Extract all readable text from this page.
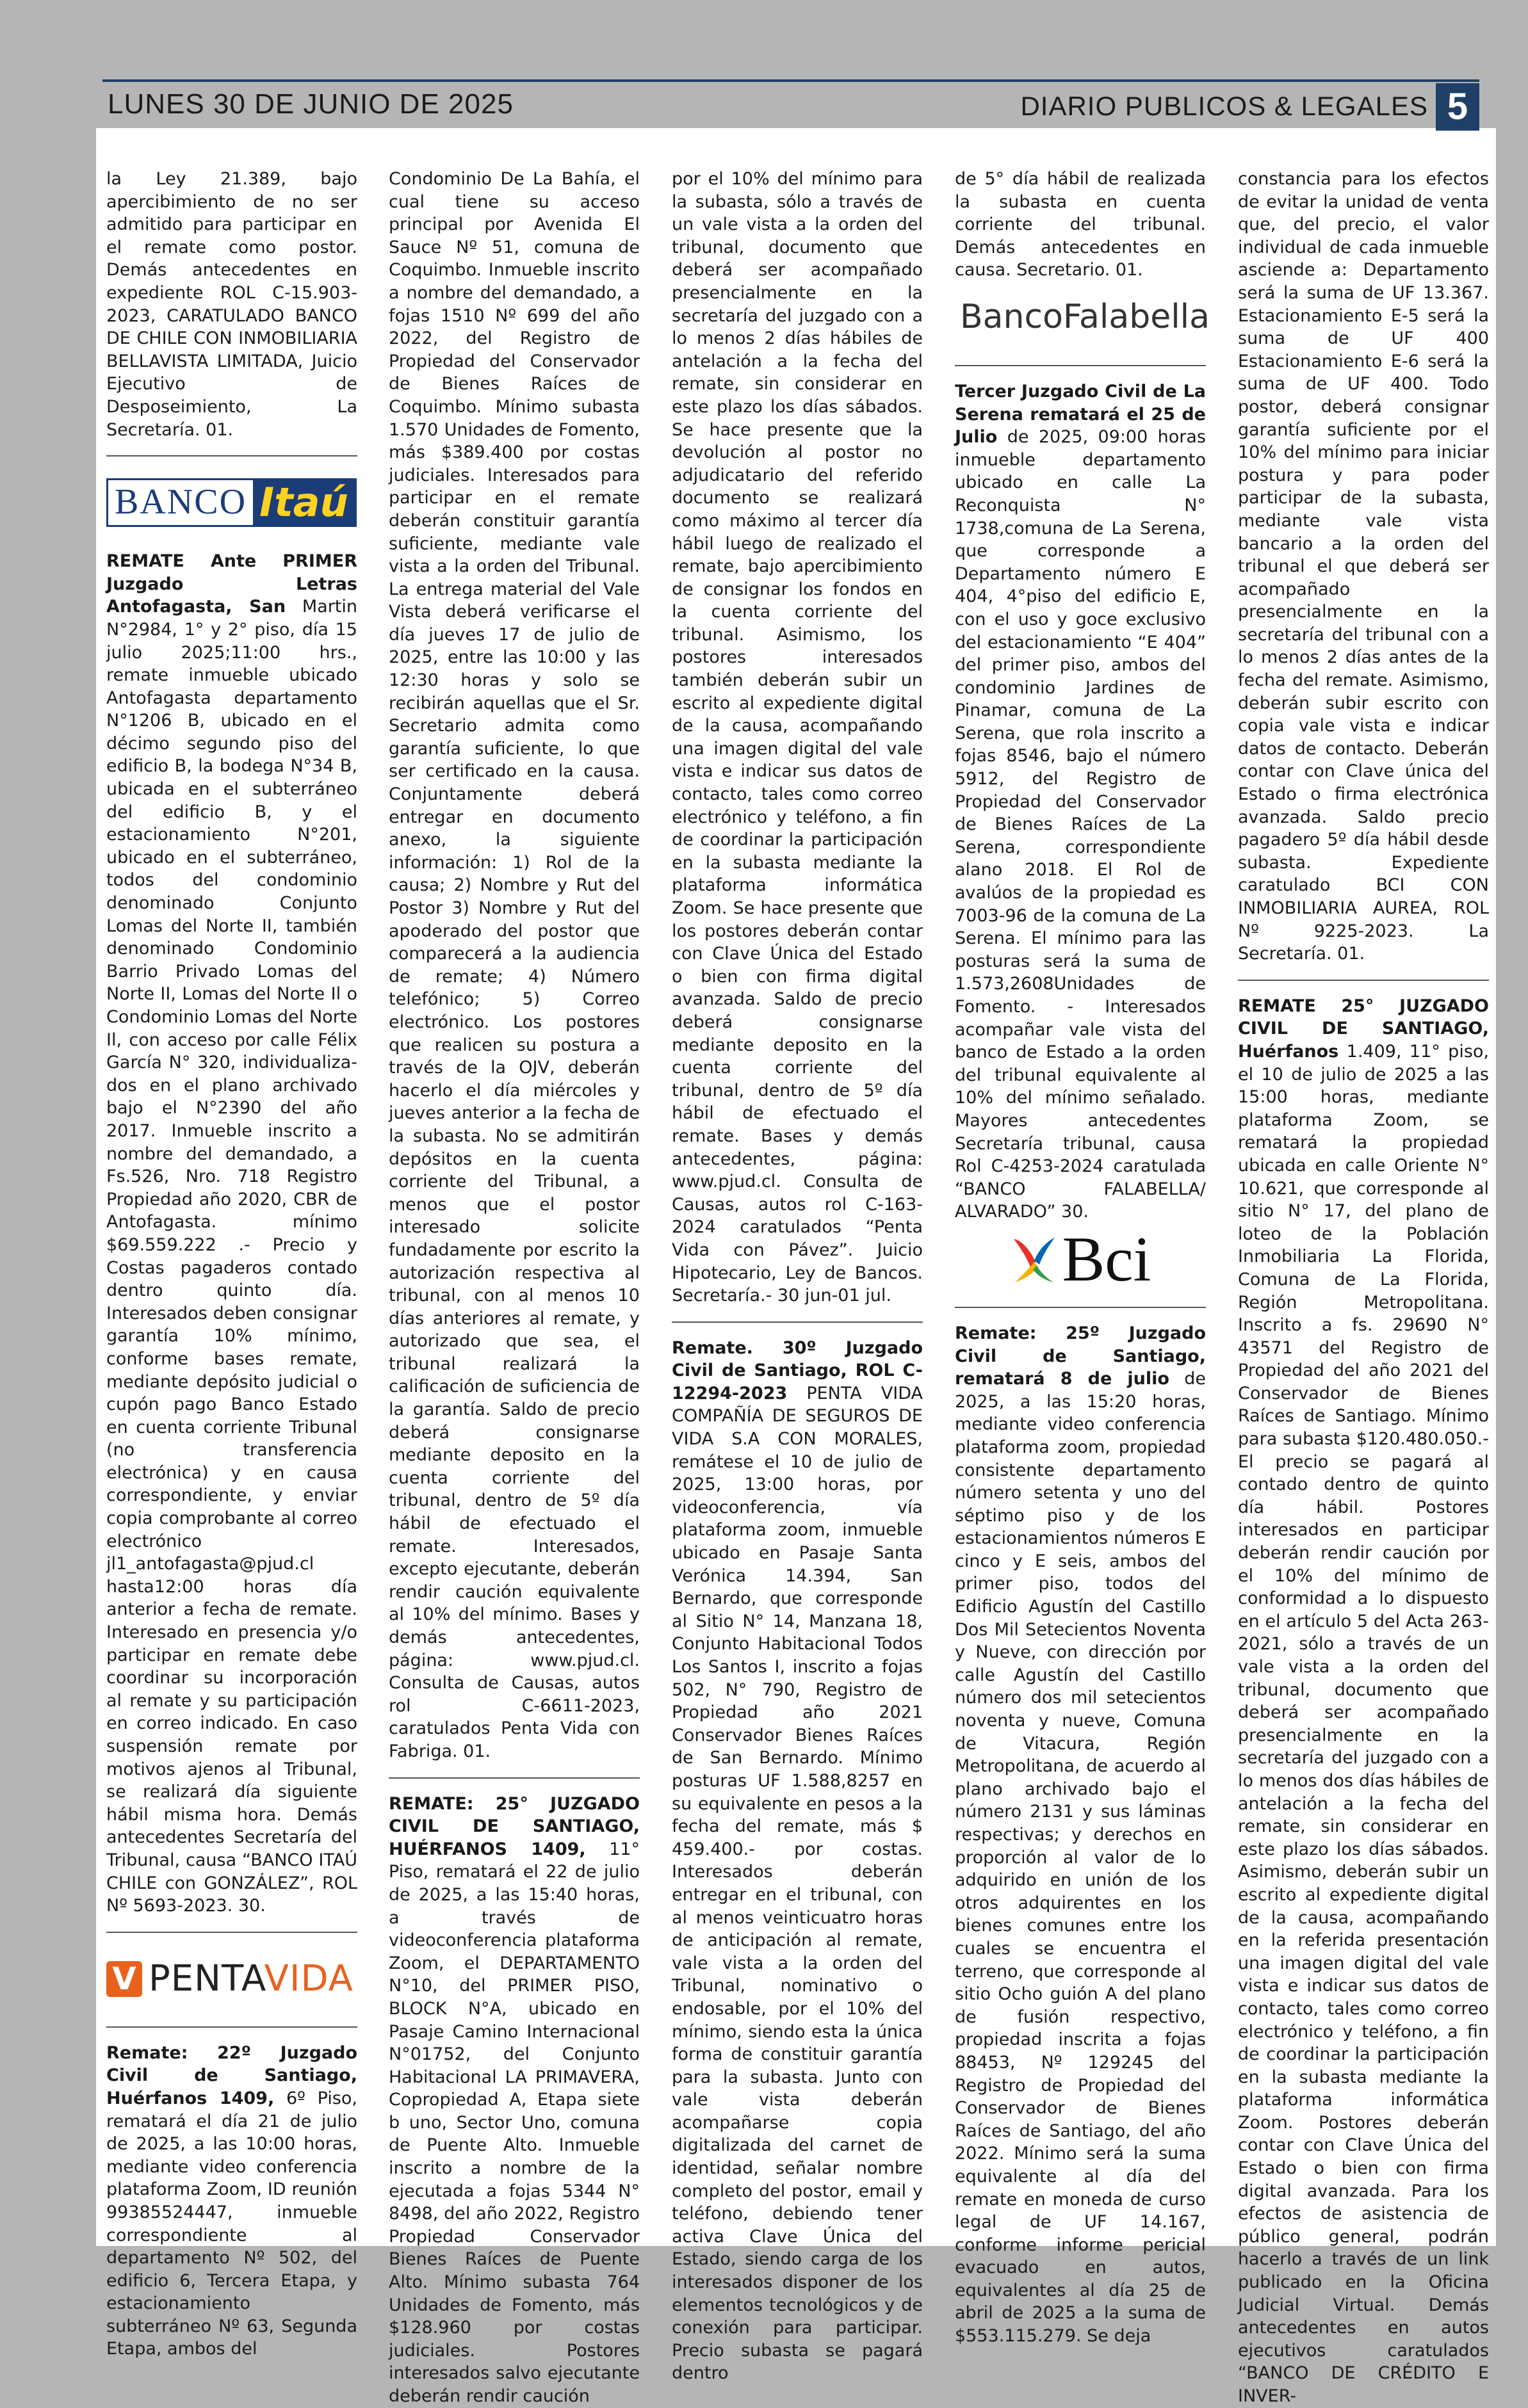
LUNES 30 DE JUNIO DE 2025	DIARIO PUBLICOS & LEGALES 5

la Ley 21.389, bajo apercibimiento de no ser admitido para participar en el remate como postor. Demás antecedentes en expediente ROL C-15.903-2023, CARATULADO BANCO DE CHILE CON INMOBILIARIA BELLAVISTA LIMITADA, Juicio Ejecutivo de Desposeimiento, La Secretaría. 01.

BANCO Itaú

REMATE Ante PRIMER Juzgado Letras Antofagasta, San Martin N°2984, 1° y 2° piso, día 15 julio 2025;11:00 hrs., remate inmueble ubicado Antofagasta departamento N°1206 B, ubicado en el décimo segundo piso del edificio B, la bodega N°34 B, ubicada en el subterráneo del edificio B, y el estacionamiento N°201, ubicado en el subterráneo, todos del condominio denominado Conjunto Lomas del Norte II, también denominado Condominio Barrio Privado Lomas del Norte II, Lomas del Norte Il o Condominio Lomas del Norte Il, con acceso por calle Félix García N° 320, individualiza-dos en el plano archivado bajo el N°2390 del año 2017. Inmueble inscrito a nombre del demandado, a Fs.526, Nro. 718 Registro Propiedad año 2020, CBR de Antofagasta. mínimo $69.559.222 .- Precio y Costas pagaderos contado dentro quinto día. Interesados deben consignar garantía 10% mínimo, conforme bases remate, mediante depósito judicial o cupón pago Banco Estado en cuenta corriente Tribunal (no transferencia electrónica) y en causa correspondiente, y enviar copia comprobante al correo electrónico jl1_antofagasta@pjud.cl hasta12:00 horas día anterior a fecha de remate. Interesado en presencia y/o participar en remate debe coordinar su incorporación al remate y su participación en correo indicado. En caso suspensión remate por motivos ajenos al Tribunal, se realizará día siguiente hábil misma hora. Demás antecedentes Secretaría del Tribunal, causa “BANCO ITAÚ CHILE con GONZÁLEZ”, ROL Nº 5693-2023. 30.

V PENTAVIDA

Remate: 22º Juzgado Civil de Santiago, Huérfanos 1409, 6º Piso, rematará el día 21 de julio de 2025, a las 10:00 horas, mediante video conferencia plataforma Zoom, ID reunión 99385524447, inmueble correspondiente al departamento Nº 502, del edificio 6, Tercera Etapa, y estacionamiento subterráneo Nº 63, Segunda Etapa, ambos del

Condominio De La Bahía, el cual tiene su acceso principal por Avenida El Sauce Nº 51, comuna de Coquimbo. Inmueble inscrito a nombre del demandado, a fojas 1510 Nº 699 del año 2022, del Registro de Propiedad del Conservador de Bienes Raíces de Coquimbo. Mínimo subasta 1.570 Unidades de Fomento, más $389.400 por costas judiciales. Interesados para participar en el remate deberán constituir garantía suficiente, mediante vale vista a la orden del Tribunal. La entrega material del Vale Vista deberá verificarse el día jueves 17 de julio de 2025, entre las 10:00 y las 12:30 horas y solo se recibirán aquellas que el Sr. Secretario admita como garantía suficiente, lo que ser certificado en la causa. Conjuntamente deberá entregar en documento anexo, la siguiente información: 1) Rol de la causa; 2) Nombre y Rut del Postor 3) Nombre y Rut del apoderado del postor que comparecerá a la audiencia de remate; 4) Número telefónico; 5) Correo electrónico. Los postores que realicen su postura a través de la OJV, deberán hacerlo el día miércoles y jueves anterior a la fecha de la subasta. No se admitirán depósitos en la cuenta corriente del Tribunal, a menos que el postor interesado solicite fundadamente por escrito la autorización respectiva al tribunal, con al menos 10 días anteriores al remate, y autorizado que sea, el tribunal realizará la calificación de suficiencia de la garantía. Saldo de precio deberá consignarse mediante deposito en la cuenta corriente del tribunal, dentro de 5º día hábil de efectuado el remate. Interesados, excepto ejecutante, deberán rendir caución equivalente al 10% del mínimo. Bases y demás antecedentes, página: www.pjud.cl. Consulta de Causas, autos rol C-6611-2023, caratulados Penta Vida con Fabriga. 01.

REMATE: 25° JUZGADO CIVIL DE SANTIAGO, HUÉRFANOS 1409, 11° Piso, rematará el 22 de julio de 2025, a las 15:40 horas, a través de videoconferencia plataforma Zoom, el DEPARTAMENTO N°10, del PRIMER PISO, BLOCK N°A, ubicado en Pasaje Camino Internacional N°01752, del Conjunto Habitacional LA PRIMAVERA, Copropiedad A, Etapa siete b uno, Sector Uno, comuna de Puente Alto. Inmueble inscrito a nombre de la ejecutada a fojas 5344 N° 8498, del año 2022, Registro Propiedad Conservador Bienes Raíces de Puente Alto. Mínimo subasta 764 Unidades de Fomento, más $128.960 por costas judiciales. Postores interesados salvo ejecutante deberán rendir caución

por el 10% del mínimo para la subasta, sólo a través de un vale vista a la orden del tribunal, documento que deberá ser acompañado presencialmente en la secretaría del juzgado con a lo menos 2 días hábiles de antelación a la fecha del remate, sin considerar en este plazo los días sábados. Se hace presente que la devolución al postor no adjudicatario del referido documento se realizará como máximo al tercer día hábil luego de realizado el remate, bajo apercibimiento de consignar los fondos en la cuenta corriente del tribunal. Asimismo, los postores interesados también deberán subir un escrito al expediente digital de la causa, acompañando una imagen digital del vale vista e indicar sus datos de contacto, tales como correo electrónico y teléfono, a fin de coordinar la participación en la subasta mediante la plataforma informática Zoom. Se hace presente que los postores deberán contar con Clave Única del Estado o bien con firma digital avanzada. Saldo de precio deberá consignarse mediante deposito en la cuenta corriente del tribunal, dentro de 5º día hábil de efectuado el remate. Bases y demás antecedentes, página: www.pjud.cl. Consulta de Causas, autos rol C-163-2024 caratulados “Penta Vida con Pávez”. Juicio Hipotecario, Ley de Bancos. Secretaría.- 30 jun-01 jul.

Remate. 30º Juzgado Civil de Santiago, ROL C-12294-2023 PENTA VIDA COMPAÑÍA DE SEGUROS DE VIDA S.A CON MORALES, remátese el 10 de julio de 2025, 13:00 horas, por videoconferencia, vía plataforma zoom, inmueble ubicado en Pasaje Santa Verónica 14.394, San Bernardo, que corresponde al Sitio N° 14, Manzana 18, Conjunto Habitacional Todos Los Santos I, inscrito a fojas 502, N° 790, Registro de Propiedad año 2021 Conservador Bienes Raíces de San Bernardo. Mínimo posturas UF 1.588,8257 en su equivalente en pesos a la fecha del remate, más $ 459.400.- por costas. Interesados deberán entregar en el tribunal, con al menos veinticuatro horas de anticipación al remate, vale vista a la orden del Tribunal, nominativo o endosable, por el 10% del mínimo, siendo esta la única forma de constituir garantía para la subasta. Junto con vale vista deberán acompañarse copia digitalizada del carnet de identidad, señalar nombre completo del postor, email y teléfono, debiendo tener activa Clave Única del Estado, siendo carga de los interesados disponer de los elementos tecnológicos y de conexión para participar. Precio subasta se pagará dentro

de 5° día hábil de realizada la subasta en cuenta corriente del tribunal. Demás antecedentes en causa. Secretario. 01.

BancoFalabella

Tercer Juzgado Civil de La Serena rematará el 25 de Julio de 2025, 09:00 horas inmueble departamento ubicado en calle La Reconquista N° 1738,comuna de La Serena, que corresponde a Departamento número E 404, 4°piso del edificio E, con el uso y goce exclusivo del estacionamiento “E 404” del primer piso, ambos del condominio Jardines de Pinamar, comuna de La Serena, que rola inscrito a fojas 8546, bajo el número 5912, del Registro de Propiedad del Conservador de Bienes Raíces de La Serena, correspondiente alano 2018. El Rol de avalúos de la propiedad es 7003-96 de la comuna de La Serena. El mínimo para las posturas será la suma de 1.573,2608Unidades de Fomento. - Interesados acompañar vale vista del banco de Estado a la orden del tribunal equivalente al 10% del mínimo señalado. Mayores antecedentes Secretaría tribunal, causa Rol C-4253-2024 caratulada “BANCO FALABELLA/ ALVARADO” 30.

Bci

Remate: 25º Juzgado Civil de Santiago, rematará 8 de julio de 2025, a las 15:20 horas, mediante video conferencia plataforma zoom, propiedad consistente departamento número setenta y uno del séptimo piso y de los estacionamientos números E cinco y E seis, ambos del primer piso, todos del Edificio Agustín del Castillo Dos Mil Setecientos Noventa y Nueve, con dirección por calle Agustín del Castillo número dos mil setecientos noventa y nueve, Comuna de Vitacura, Región Metropolitana, de acuerdo al plano archivado bajo el número 2131 y sus láminas respectivas; y derechos en proporción al valor de lo adquirido en unión de los otros adquirentes en los bienes comunes entre los cuales se encuentra el terreno, que corresponde al sitio Ocho guión A del plano de fusión respectivo, propiedad inscrita a fojas 88453, Nº 129245 del Registro de Propiedad del Conservador de Bienes Raíces de Santiago, del año 2022. Mínimo será la suma equivalente al día del remate en moneda de curso legal de UF 14.167, conforme informe pericial evacuado en autos, equivalentes al día 25 de abril de 2025 a la suma de $553.115.279. Se deja

constancia para los efectos de evitar la unidad de venta que, del precio, el valor individual de cada inmueble asciende a: Departamento será la suma de UF 13.367. Estacionamiento E-5 será la suma de UF 400 Estacionamiento E-6 será la suma de UF 400. Todo postor, deberá consignar garantía suficiente por el 10% del mínimo para iniciar postura y para poder participar de la subasta, mediante vale vista bancario a la orden del tribunal el que deberá ser acompañado presencialmente en la secretaría del tribunal con a lo menos 2 días antes de la fecha del remate. Asimismo, deberán subir escrito con copia vale vista e indicar datos de contacto. Deberán contar con Clave única del Estado o firma electrónica avanzada. Saldo precio pagadero 5º día hábil desde subasta. Expediente caratulado BCI CON INMOBILIARIA AUREA, ROL Nº 9225-2023. La Secretaría. 01.

REMATE 25° JUZGADO CIVIL DE SANTIAGO, Huérfanos 1.409, 11° piso, el 10 de julio de 2025 a las 15:00 horas, mediante plataforma Zoom, se rematará la propiedad ubicada en calle Oriente N° 10.621, que corresponde al sitio N° 17, del plano de loteo de la Población Inmobiliaria La Florida, Comuna de La Florida, Región Metropolitana. Inscrito a fs. 29690 N° 43571 del Registro de Propiedad del año 2021 del Conservador de Bienes Raíces de Santiago. Mínimo para subasta $120.480.050.- El precio se pagará al contado dentro de quinto día hábil. Postores interesados en participar deberán rendir caución por el 10% del mínimo de conformidad a lo dispuesto en el artículo 5 del Acta 263-2021, sólo a través de un vale vista a la orden del tribunal, documento que deberá ser acompañado presencialmente en la secretaría del juzgado con a lo menos dos días hábiles de antelación a la fecha del remate, sin considerar en este plazo los días sábados. Asimismo, deberán subir un escrito al expediente digital de la causa, acompañando en la referida presentación una imagen digital del vale vista e indicar sus datos de contacto, tales como correo electrónico y teléfono, a fin de coordinar la participación en la subasta mediante la plataforma informática Zoom. Postores deberán contar con Clave Única del Estado o bien con firma digital avanzada. Para los efectos de asistencia de público general, podrán hacerlo a través de un link publicado en la Oficina Judicial Virtual. Demás antecedentes en autos ejecutivos caratulados “BANCO DE CRÉDITO E INVER-
